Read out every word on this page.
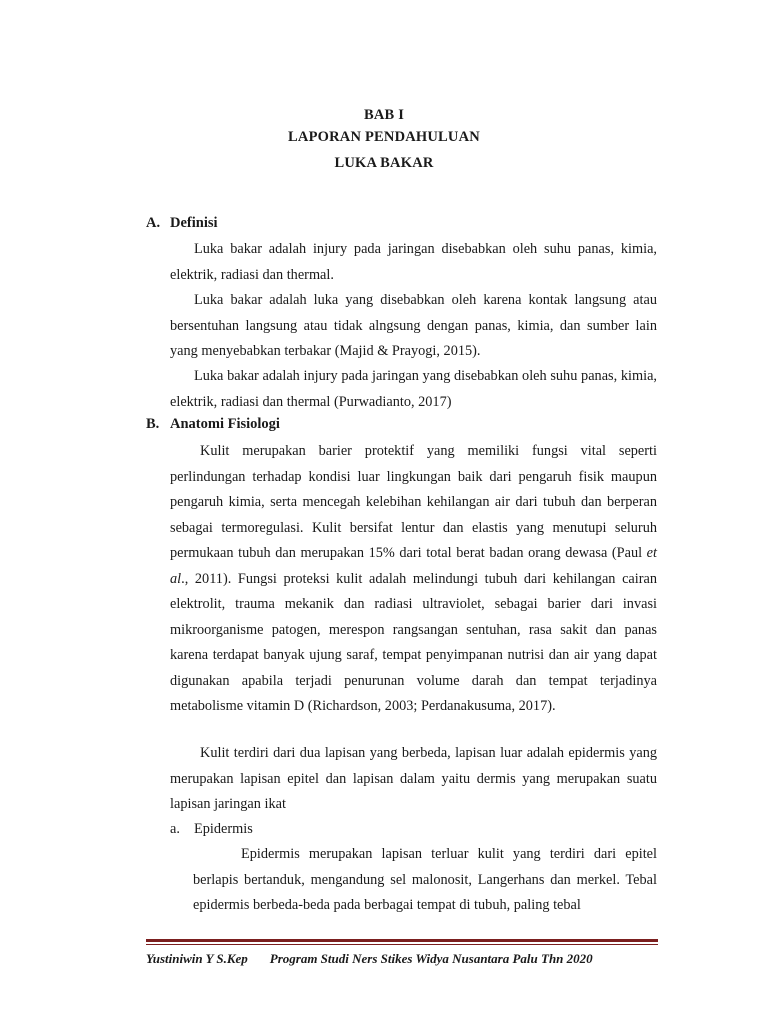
BAB I
LAPORAN PENDAHULUAN
LUKA BAKAR
A. Definisi

Luka bakar adalah injury pada jaringan disebabkan oleh suhu panas, kimia, elektrik, radiasi dan thermal.

Luka bakar adalah luka yang disebabkan oleh karena kontak langsung atau bersentuhan langsung atau tidak alngsung dengan panas, kimia, dan sumber lain yang menyebabkan terbakar (Majid & Prayogi, 2015).

Luka bakar adalah injury pada jaringan yang disebabkan oleh suhu panas, kimia, elektrik, radiasi dan thermal (Purwadianto, 2017)

B. Anatomi Fisiologi

Kulit merupakan barier protektif yang memiliki fungsi vital seperti perlindungan terhadap kondisi luar lingkungan baik dari pengaruh fisik maupun pengaruh kimia, serta mencegah kelebihan kehilangan air dari tubuh dan berperan sebagai termoregulasi. Kulit bersifat lentur dan elastis yang menutupi seluruh permukaan tubuh dan merupakan 15% dari total berat badan orang dewasa (Paul et al., 2011). Fungsi proteksi kulit adalah melindungi tubuh dari kehilangan cairan elektrolit, trauma mekanik dan radiasi ultraviolet, sebagai barier dari invasi mikroorganisme patogen, merespon rangsangan sentuhan, rasa sakit dan panas karena terdapat banyak ujung saraf, tempat penyimpanan nutrisi dan air yang dapat digunakan apabila terjadi penurunan volume darah dan tempat terjadinya metabolisme vitamin D (Richardson, 2003; Perdanakusuma, 2017).

Kulit terdiri dari dua lapisan yang berbeda, lapisan luar adalah epidermis yang merupakan lapisan epitel dan lapisan dalam yaitu dermis yang merupakan suatu lapisan jaringan ikat

a. Epidermis

Epidermis merupakan lapisan terluar kulit yang terdiri dari epitel berlapis bertanduk, mengandung sel malonosit, Langerhans dan merkel. Tebal epidermis berbeda-beda pada berbagai tempat di tubuh, paling tebal

Yustiniwin Y S.Kep Program Studi Ners Stikes Widya Nusantara Palu Thn 2020
